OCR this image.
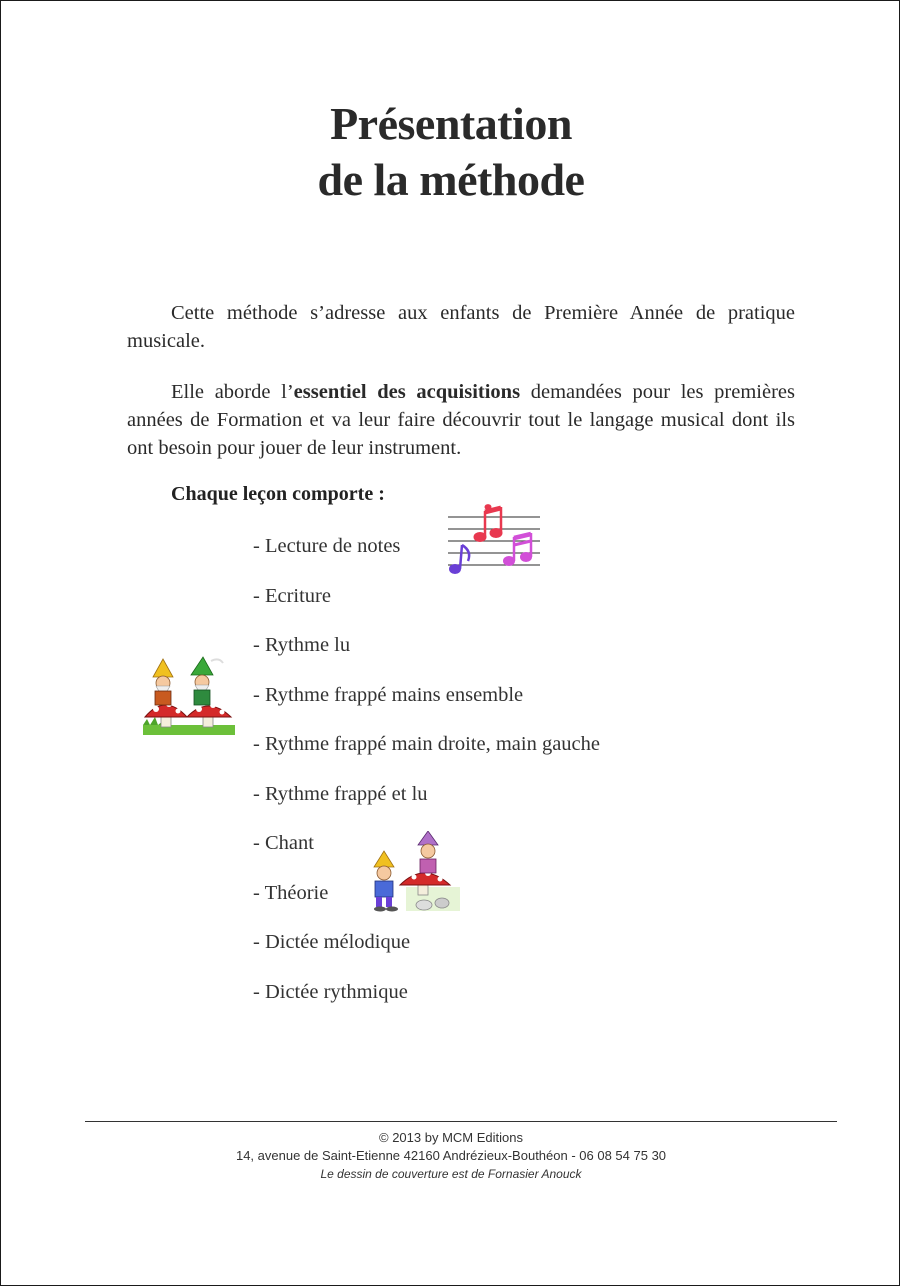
Présentation
de la méthode
Cette méthode s’adresse aux enfants de Première Année de pratique musicale.
Elle aborde l’essentiel des acquisitions demandées pour les premières années de Formation et va leur faire découvrir tout le langage musical dont ils ont besoin pour jouer de leur instrument.
Chaque leçon comporte :
- Lecture de notes
- Ecriture
- Rythme lu
- Rythme frappé mains ensemble
- Rythme frappé main droite, main gauche
- Rythme frappé et lu
- Chant
- Théorie
- Dictée mélodique
- Dictée rythmique
© 2013 by MCM Editions
14, avenue de Saint-Etienne 42160 Andrézieux-Bouthéon - 06 08 54 75 30
Le dessin de couverture est de Fornasier Anouck
